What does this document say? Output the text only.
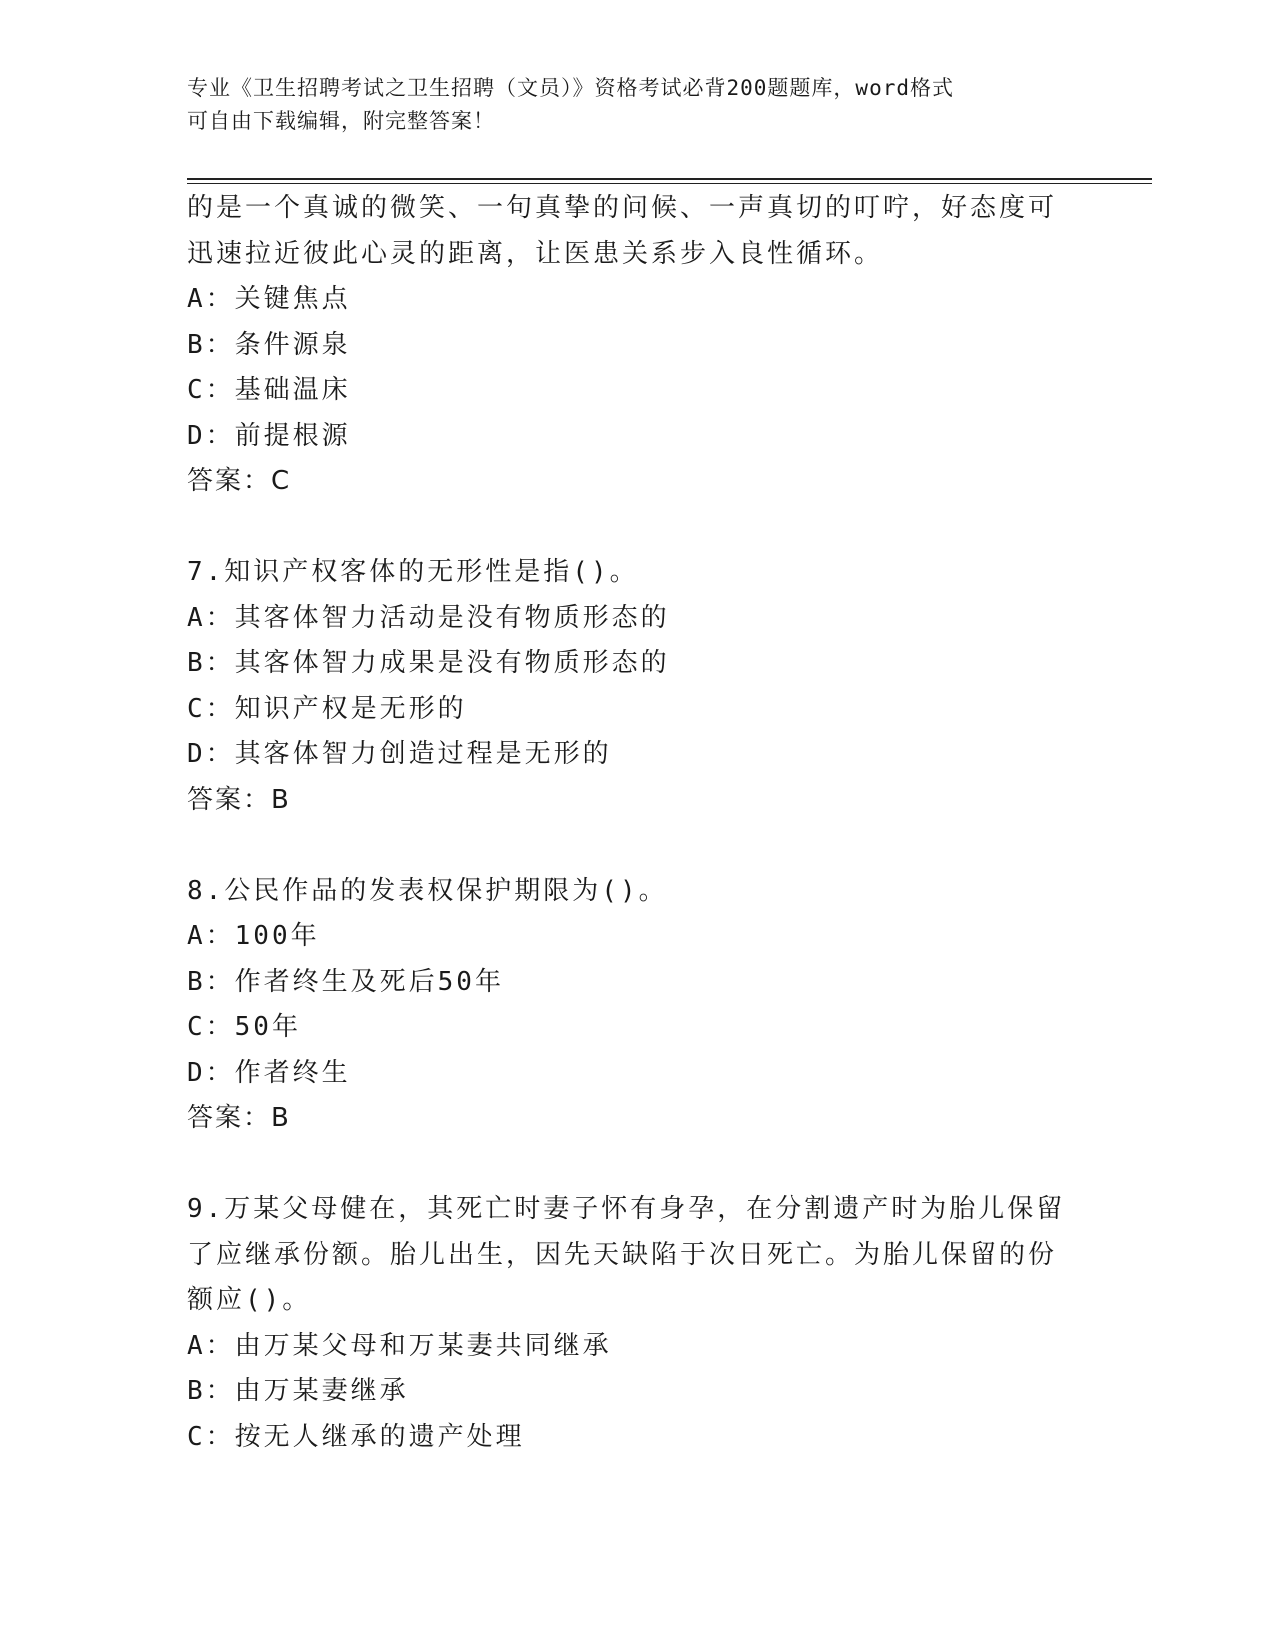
专业《卫生招聘考试之卫生招聘（文员）》资格考试必背200题题库，word格式
可自由下载编辑，附完整答案！
的是一个真诚的微笑、一句真挚的问候、一声真切的叮咛，好态度可
迅速拉近彼此心灵的距离，让医患关系步入良性循环。
A：关键焦点
B：条件源泉
C：基础温床
D：前提根源
答案：C
7.知识产权客体的无形性是指()。
A：其客体智力活动是没有物质形态的
B：其客体智力成果是没有物质形态的
C：知识产权是无形的
D：其客体智力创造过程是无形的
答案：B
8.公民作品的发表权保护期限为()。
A：100年
B：作者终生及死后50年
C：50年
D：作者终生
答案：B
9.万某父母健在，其死亡时妻子怀有身孕，在分割遗产时为胎儿保留
了应继承份额。胎儿出生，因先天缺陷于次日死亡。为胎儿保留的份
额应()。
A：由万某父母和万某妻共同继承
B：由万某妻继承
C：按无人继承的遗产处理
